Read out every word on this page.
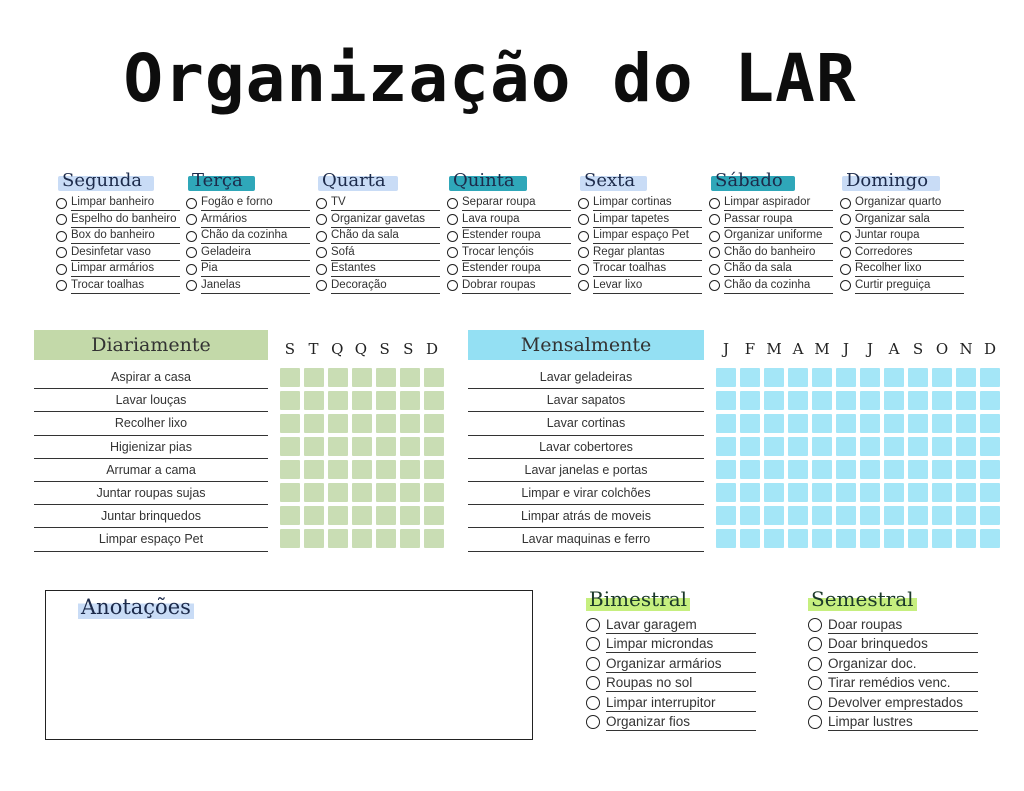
Organização do LAR
Segunda
Limpar banheiro
Espelho do banheiro
Box do banheiro
Desinfetar vaso
Limpar armários
Trocar toalhas
Terça
Fogão e forno
Armários
Chão da cozinha
Geladeira
Pia
Janelas
Quarta
TV
Organizar gavetas
Chão da sala
Sofá
Estantes
Decoração
Quinta
Separar roupa
Lava roupa
Estender roupa
Trocar lençóis
Estender roupa
Dobrar roupas
Sexta
Limpar cortinas
Limpar tapetes
Limpar espaço Pet
Regar plantas
Trocar toalhas
Levar lixo
Sábado
Limpar aspirador
Passar roupa
Organizar uniforme
Chão do banheiro
Chão da sala
Chão da cozinha
Domingo
Organizar quarto
Organizar sala
Juntar roupa
Corredores
Recolher lixo
Curtir preguiça
Diariamente	S T Q Q S S D
Aspirar a casa
Lavar louças
Recolher lixo
Higienizar pias
Arrumar a cama
Juntar roupas sujas
Juntar brinquedos
Limpar espaço Pet
Mensalmente	J	F M A M J	J	A S O N D
Lavar geladeiras
Lavar sapatos
Lavar cortinas
Lavar cobertores
Lavar janelas e portas
Limpar e virar colchões
Limpar atrás de moveis
Lavar maquinas e ferro
Anotações	Bimestral
Lavar garagem
Limpar microndas
Organizar armários
Roupas no sol
Limpar interrupitor
Organizar fios
Semestral
Doar roupas
Doar brinquedos
Organizar doc.
Tirar remédios venc.
Devolver emprestados
Limpar lustres
